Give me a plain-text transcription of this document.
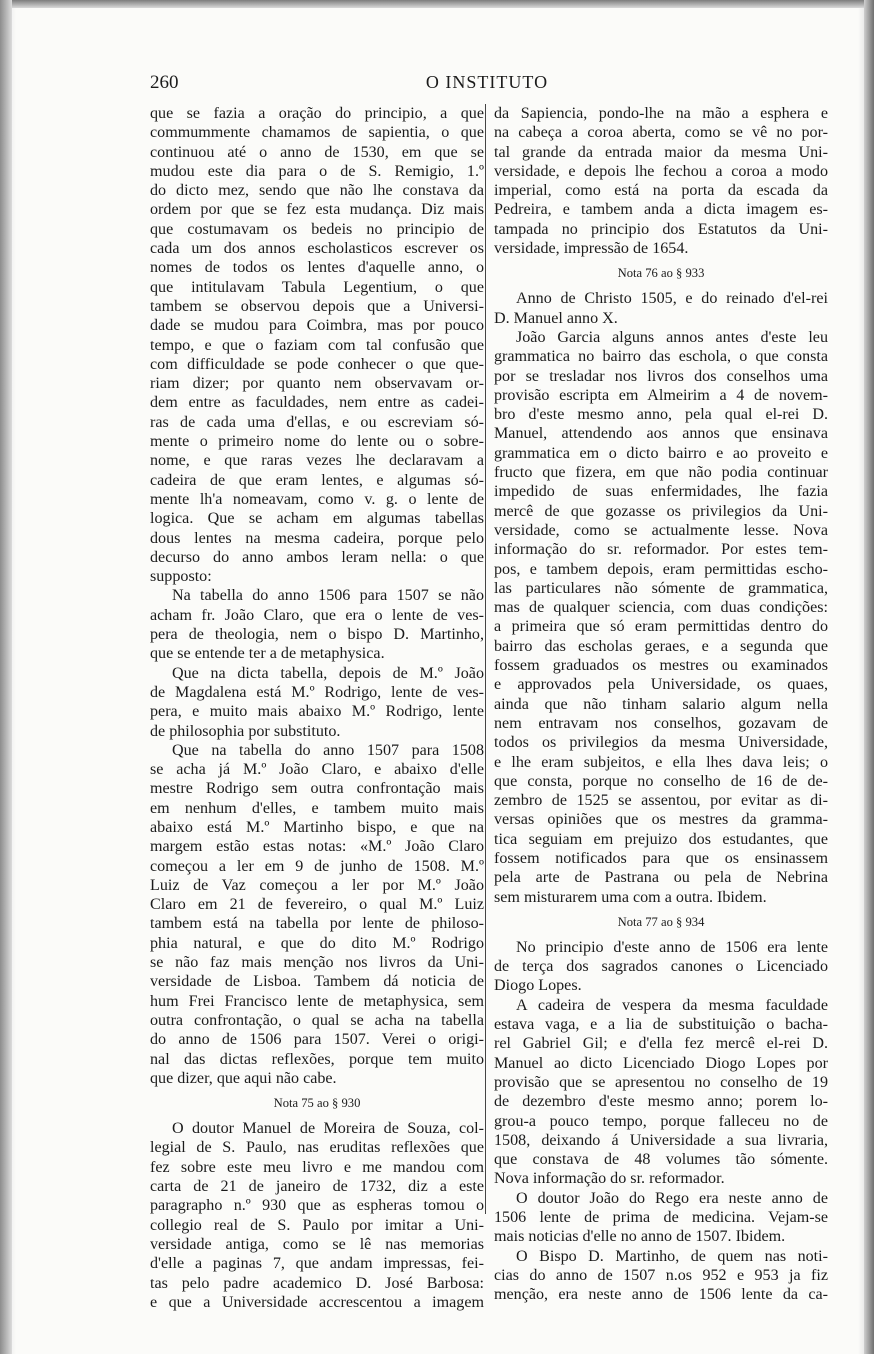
260	O INSTITUTO
que se fazia a oração do principio, a que
commummente chamamos de sapientia, o que
continuou até o anno de 1530, em que se
mudou este dia para o de S. Remigio, 1.º
do dicto mez, sendo que não lhe constava da
ordem por que se fez esta mudança. Diz mais
que costumavam os bedeis no principio de
cada um dos annos escholasticos escrever os
nomes de todos os lentes d'aquelle anno, o
que intitulavam Tabula Legentium, o que
tambem se observou depois que a Universi-
dade se mudou para Coimbra, mas por pouco
tempo, e que o faziam com tal confusão que
com difficuldade se pode conhecer o que que-
riam dizer; por quanto nem observavam or-
dem entre as faculdades, nem entre as cadei-
ras de cada uma d'ellas, e ou escreviam só-
mente o primeiro nome do lente ou o sobre-
nome, e que raras vezes lhe declaravam a
cadeira de que eram lentes, e algumas só-
mente lh'a nomeavam, como v. g. o lente de
logica. Que se acham em algumas tabellas
dous lentes na mesma cadeira, porque pelo
decurso do anno ambos leram nella: o que
supposto:
Na tabella do anno 1506 para 1507 se não
acham fr. João Claro, que era o lente de ves-
pera de theologia, nem o bispo D. Martinho,
que se entende ter a de metaphysica.
Que na dicta tabella, depois de M.º João
de Magdalena está M.º Rodrigo, lente de ves-
pera, e muito mais abaixo M.º Rodrigo, lente
de philosophia por substituto.
Que na tabella do anno 1507 para 1508
se acha já M.º João Claro, e abaixo d'elle
mestre Rodrigo sem outra confrontação mais
em nenhum d'elles, e tambem muito mais
abaixo está M.º Martinho bispo, e que na
margem estão estas notas: «M.º João Claro
começou a ler em 9 de junho de 1508. M.º
Luiz de Vaz começou a ler por M.º João
Claro em 21 de fevereiro, o qual M.º Luiz
tambem está na tabella por lente de philoso-
phia natural, e que do dito M.º Rodrigo
se não faz mais menção nos livros da Uni-
versidade de Lisboa. Tambem dá noticia de
hum Frei Francisco lente de metaphysica, sem
outra confrontação, o qual se acha na tabella
do anno de 1506 para 1507. Verei o origi-
nal das dictas reflexões, porque tem muito
que dizer, que aqui não cabe.
Nota 75 ao § 930
O doutor Manuel de Moreira de Souza, col-
legial de S. Paulo, nas eruditas reflexões que
fez sobre este meu livro e me mandou com
carta de 21 de janeiro de 1732, diz a este
paragrapho n.º 930 que as espheras tomou o
collegio real de S. Paulo por imitar a Uni-
versidade antiga, como se lê nas memorias
d'elle a paginas 7, que andam impressas, fei-
tas pelo padre academico D. José Barbosa:
e que a Universidade accrescentou a imagem
da Sapiencia, pondo-lhe na mão a esphera e
na cabeça a coroa aberta, como se vê no por-
tal grande da entrada maior da mesma Uni-
versidade, e depois lhe fechou a coroa a modo
imperial, como está na porta da escada da
Pedreira, e tambem anda a dicta imagem es-
tampada no principio dos Estatutos da Uni-
versidade, impressão de 1654.
Nota 76 ao § 933
Anno de Christo 1505, e do reinado d'el-rei
D. Manuel anno X.
João Garcia alguns annos antes d'este leu
grammatica no bairro das eschola, o que consta
por se tresladar nos livros dos conselhos uma
provisão escripta em Almeirim a 4 de novem-
bro d'este mesmo anno, pela qual el-rei D.
Manuel, attendendo aos annos que ensinava
grammatica em o dicto bairro e ao proveito e
fructo que fizera, em que não podia continuar
impedido de suas enfermidades, lhe fazia
mercê de que gozasse os privilegios da Uni-
versidade, como se actualmente lesse. Nova
informação do sr. reformador. Por estes tem-
pos, e tambem depois, eram permittidas escho-
las particulares não sómente de grammatica,
mas de qualquer sciencia, com duas condições:
a primeira que só eram permittidas dentro do
bairro das escholas geraes, e a segunda que
fossem graduados os mestres ou examinados
e approvados pela Universidade, os quaes,
ainda que não tinham salario algum nella
nem entravam nos conselhos, gozavam de
todos os privilegios da mesma Universidade,
e lhe eram subjeitos, e ella lhes dava leis; o
que consta, porque no conselho de 16 de de-
zembro de 1525 se assentou, por evitar as di-
versas opiniões que os mestres da gramma-
tica seguiam em prejuizo dos estudantes, que
fossem notificados para que os ensinassem
pela arte de Pastrana ou pela de Nebrina
sem misturarem uma com a outra. Ibidem.
Nota 77 ao § 934
No principio d'este anno de 1506 era lente
de terça dos sagrados canones o Licenciado
Diogo Lopes.
A cadeira de vespera da mesma faculdade
estava vaga, e a lia de substituição o bacha-
rel Gabriel Gil; e d'ella fez mercê el-rei D.
Manuel ao dicto Licenciado Diogo Lopes por
provisão que se apresentou no conselho de 19
de dezembro d'este mesmo anno; porem lo-
grou-a pouco tempo, porque falleceu no de
1508, deixando á Universidade a sua livraria,
que constava de 48 volumes tão sómente.
Nova informação do sr. reformador.
O doutor João do Rego era neste anno de
1506 lente de prima de medicina. Vejam-se
mais noticias d'elle no anno de 1507. Ibidem.
O Bispo D. Martinho, de quem nas noti-
cias do anno de 1507 n.os 952 e 953 ja fiz
menção, era neste anno de 1506 lente da ca-
